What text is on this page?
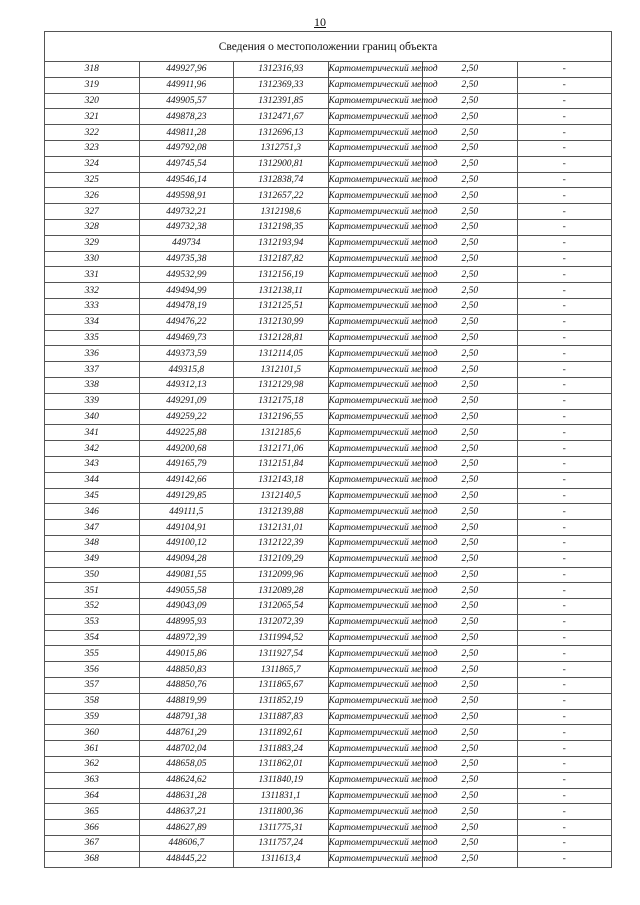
10
Сведения о местоположении границ объекта					
318	449927,96	1312316,93	Картометрический метод	2,50	-
319	449911,96	1312369,33	Картометрический метод	2,50	-
320	449905,57	1312391,85	Картометрический метод	2,50	-
321	449878,23	1312471,67	Картометрический метод	2,50	-
322	449811,28	1312696,13	Картометрический метод	2,50	-
323	449792,08	1312751,3	Картометрический метод	2,50	-
324	449745,54	1312900,81	Картометрический метод	2,50	-
325	449546,14	1312838,74	Картометрический метод	2,50	-
326	449598,91	1312657,22	Картометрический метод	2,50	-
327	449732,21	1312198,6	Картометрический метод	2,50	-
328	449732,38	1312198,35	Картометрический метод	2,50	-
329	449734	1312193,94	Картометрический метод	2,50	-
330	449735,38	1312187,82	Картометрический метод	2,50	-
331	449532,99	1312156,19	Картометрический метод	2,50	-
332	449494,99	1312138,11	Картометрический метод	2,50	-
333	449478,19	1312125,51	Картометрический метод	2,50	-
334	449476,22	1312130,99	Картометрический метод	2,50	-
335	449469,73	1312128,81	Картометрический метод	2,50	-
336	449373,59	1312114,05	Картометрический метод	2,50	-
337	449315,8	1312101,5	Картометрический метод	2,50	-
338	449312,13	1312129,98	Картометрический метод	2,50	-
339	449291,09	1312175,18	Картометрический метод	2,50	-
340	449259,22	1312196,55	Картометрический метод	2,50	-
341	449225,88	1312185,6	Картометрический метод	2,50	-
342	449200,68	1312171,06	Картометрический метод	2,50	-
343	449165,79	1312151,84	Картометрический метод	2,50	-
344	449142,66	1312143,18	Картометрический метод	2,50	-
345	449129,85	1312140,5	Картометрический метод	2,50	-
346	449111,5	1312139,88	Картометрический метод	2,50	-
347	449104,91	1312131,01	Картометрический метод	2,50	-
348	449100,12	1312122,39	Картометрический метод	2,50	-
349	449094,28	1312109,29	Картометрический метод	2,50	-
350	449081,55	1312099,96	Картометрический метод	2,50	-
351	449055,58	1312089,28	Картометрический метод	2,50	-
352	449043,09	1312065,54	Картометрический метод	2,50	-
353	448995,93	1312072,39	Картометрический метод	2,50	-
354	448972,39	1311994,52	Картометрический метод	2,50	-
355	449015,86	1311927,54	Картометрический метод	2,50	-
356	448850,83	1311865,7	Картометрический метод	2,50	-
357	448850,76	1311865,67	Картометрический метод	2,50	-
358	448819,99	1311852,19	Картометрический метод	2,50	-
359	448791,38	1311887,83	Картометрический метод	2,50	-
360	448761,29	1311892,61	Картометрический метод	2,50	-
361	448702,04	1311883,24	Картометрический метод	2,50	-
362	448658,05	1311862,01	Картометрический метод	2,50	-
363	448624,62	1311840,19	Картометрический метод	2,50	-
364	448631,28	1311831,1	Картометрический метод	2,50	-
365	448637,21	1311800,36	Картометрический метод	2,50	-
366	448627,89	1311775,31	Картометрический метод	2,50	-
367	448606,7	1311757,24	Картометрический метод	2,50	-
368	448445,22	1311613,4	Картометрический метод	2,50	-
